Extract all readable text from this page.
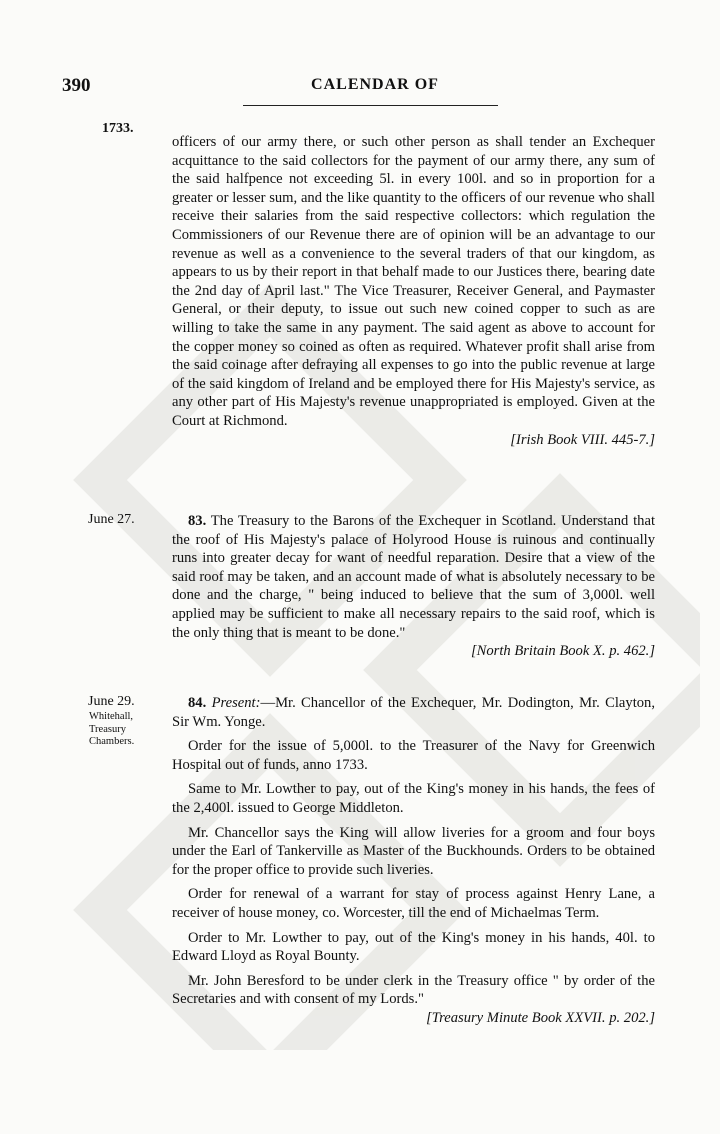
390	CALENDAR OF
1733.

officers of our army there, or such other person as shall tender an Exchequer acquittance to the said collectors for the payment of our army there, any sum of the said halfpence not exceeding 5l. in every 100l. and so in proportion for a greater or lesser sum, and the like quantity to the officers of our revenue who shall receive their salaries from the said respective collectors: which regulation the Commissioners of our Revenue there are of opinion will be an advantage to our revenue as well as a convenience to the several traders of that our kingdom, as appears to us by their report in that behalf made to our Justices there, bearing date the 2nd day of April last." The Vice Treasurer, Receiver General, and Paymaster General, or their deputy, to issue out such new coined copper to such as are willing to take the same in any payment. The said agent as above to account for the copper money so coined as often as required. Whatever profit shall arise from the said coinage after defraying all expenses to go into the public revenue at large of the said kingdom of Ireland and be employed there for His Majesty's service, as any other part of His Majesty's revenue unappropriated is employed. Given at the Court at Richmond.

[Irish Book VIII. 445-7.]

June 27.	83. The Treasury to the Barons of the Exchequer in Scotland. Understand that the roof of His Majesty's palace of Holyrood House is ruinous and continually runs into greater decay for want of needful reparation. Desire that a view of the said roof may be taken, and an account made of what is absolutely necessary to be done and the charge, " being induced to believe that the sum of 3,000l. well applied may be sufficient to make all necessary repairs to the said roof, which is the only thing that is meant to be done."

[North Britain Book X. p. 462.]

June 29.
Whitehall,
Treasury
Chambers.

84. Present:—Mr. Chancellor of the Exchequer, Mr. Dodington, Mr. Clayton, Sir Wm. Yonge.

Order for the issue of 5,000l. to the Treasurer of the Navy for Greenwich Hospital out of funds, anno 1733.

Same to Mr. Lowther to pay, out of the King's money in his hands, the fees of the 2,400l. issued to George Middleton.

Mr. Chancellor says the King will allow liveries for a groom and four boys under the Earl of Tankerville as Master of the Buckhounds. Orders to be obtained for the proper office to provide such liveries.

Order for renewal of a warrant for stay of process against Henry Lane, a receiver of house money, co. Worcester, till the end of Michaelmas Term.

Order to Mr. Lowther to pay, out of the King's money in his hands, 40l. to Edward Lloyd as Royal Bounty.

Mr. John Beresford to be under clerk in the Treasury office " by order of the Secretaries and with consent of my Lords."

[Treasury Minute Book XXVII. p. 202.]
